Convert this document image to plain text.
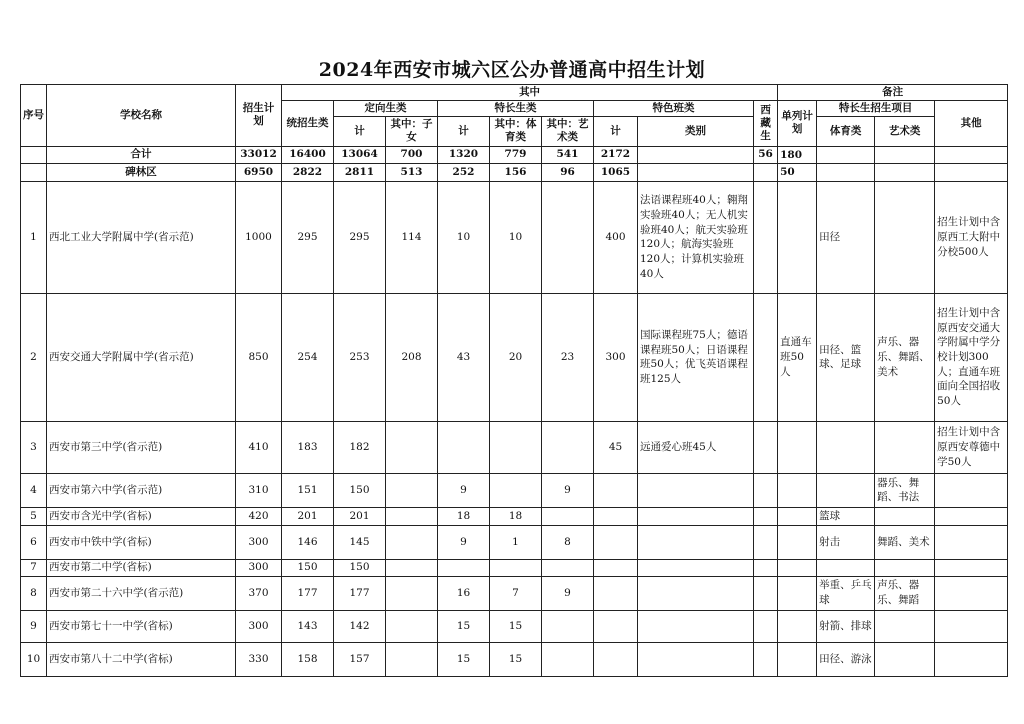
2024年西安市城六区公办普通高中招生计划
序号	学校名称	招生计划	其中									备注			
			统招生类	定向生类		特长生类			特色班类		西藏生	单列计划	特长生招生项目		其他
				计	其中：子女	计	其中：体育类	其中：艺术类	计	类别			体育类	艺术类	
	合计	33012	16400	13064	700	1320	779	541	2172		56	180			
	碑林区	6950	2822	2811	513	252	156	96	1065			50			
1	西北工业大学附属中学(省示范)	1000	295	295	114	10	10		400	法语课程班40人；翱翔实验班40人；无人机实验班40人；航天实验班120人；航海实验班120人；计算机实验班40人			田径		招生计划中含原西工大附中分校500人
2	西安交通大学附属中学(省示范)	850	254	253	208	43	20	23	300	国际课程班75人；德语课程班50人；日语课程班50人；优飞英语课程班125人		直通车班50人	田径、篮球、足球	声乐、器乐、舞蹈、美术	招生计划中含原西安交通大学附属中学分校计划300人；直通车班面向全国招收50人
3	西安市第三中学(省示范)	410	183	182					45	远通爱心班45人					招生计划中含原西安尊德中学50人
4	西安市第六中学(省示范)	310	151	150		9		9						器乐、舞蹈、书法	
5	西安市含光中学(省标)	420	201	201		18	18						篮球		
6	西安市中铁中学(省标)	300	146	145		9	1	8					射击	舞蹈、美术	
7	西安市第二中学(省标)	300	150	150											
8	西安市第二十六中学(省示范)	370	177	177		16	7	9					举重、乒乓球	声乐、器乐、舞蹈	
9	西安市第七十一中学(省标)	300	143	142		15	15						射箭、排球		
10	西安市第八十二中学(省标)	330	158	157		15	15						田径、游泳		
